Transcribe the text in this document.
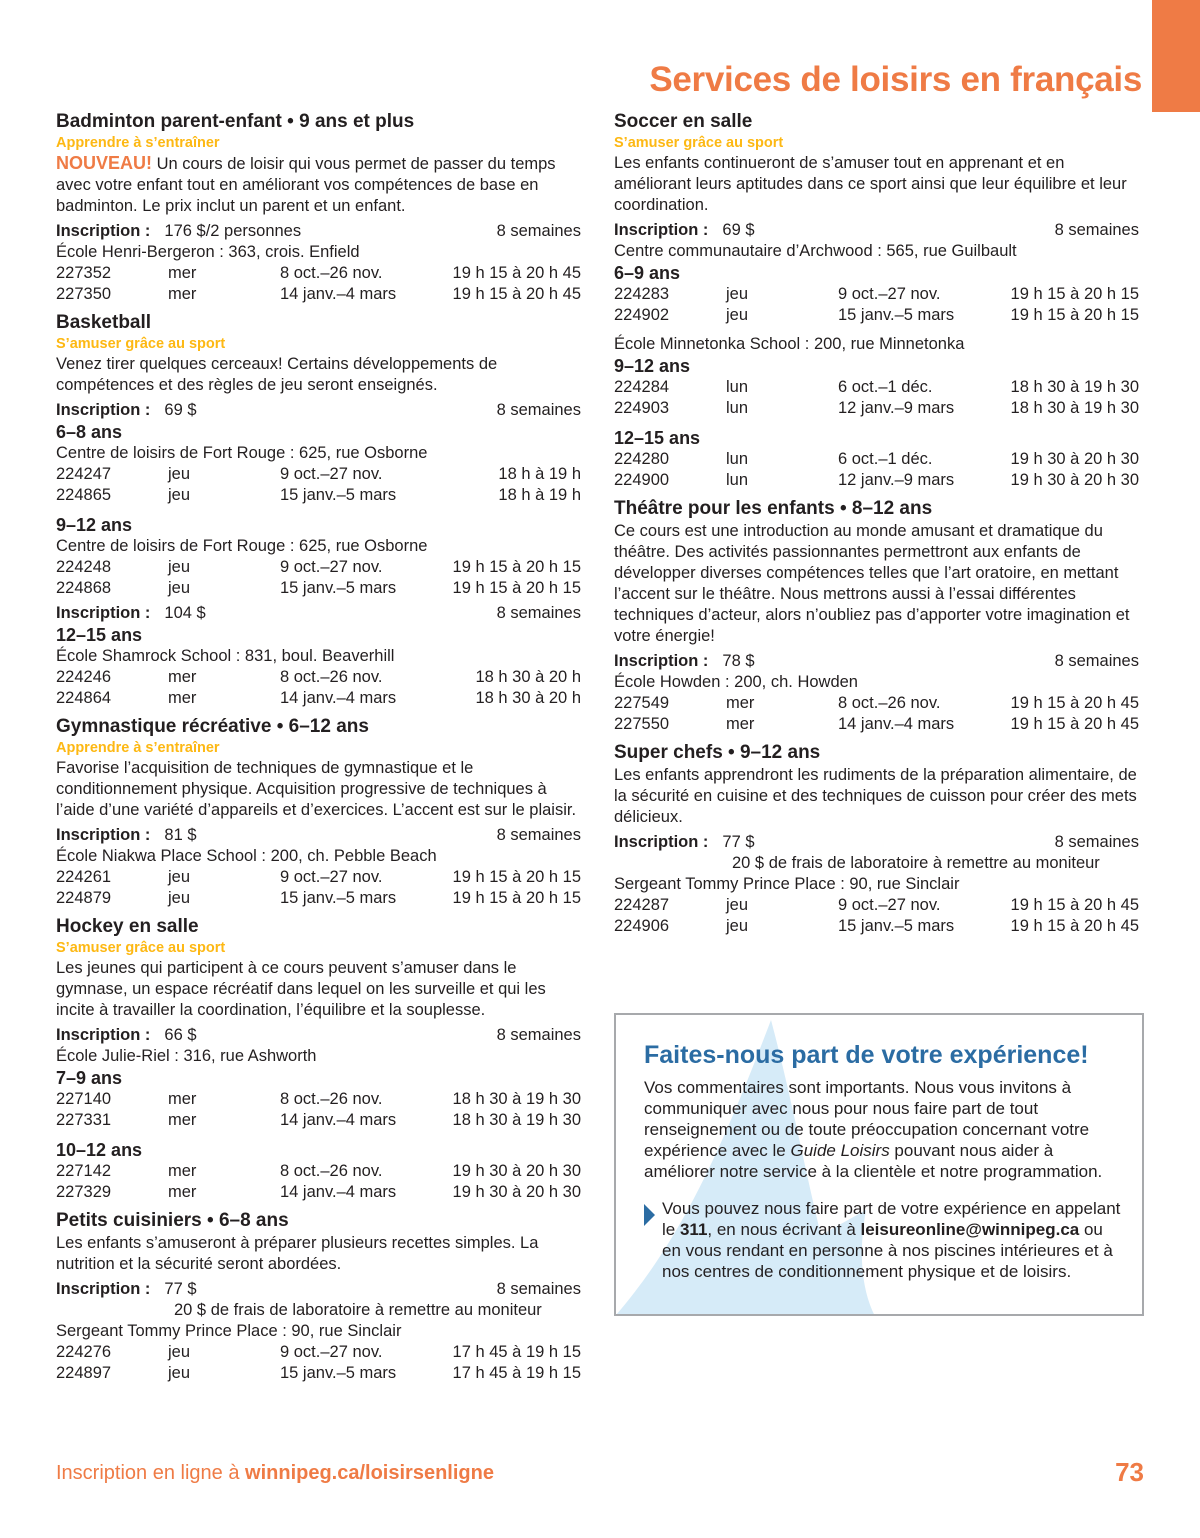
Services de loisirs en français
Badminton parent-enfant • 9 ans et plus
Apprendre à s’entraîner
NOUVEAU! Un cours de loisir qui vous permet de passer du temps avec votre enfant tout en améliorant vos compétences de base en badminton. Le prix inclut un parent et un enfant.
Inscription : 176 $/2 personnes	8 semaines
École Henri-Bergeron : 363, crois. Enfield
227352	mer	8 oct.–26 nov.	19 h 15 à 20 h 45
227350	mer	14 janv.–4 mars	19 h 15 à 20 h 45
Basketball
S’amuser grâce au sport
Venez tirer quelques cerceaux! Certains développements de compétences et des règles de jeu seront enseignés.
Inscription : 69 $	8 semaines
6–8 ans
Centre de loisirs de Fort Rouge : 625, rue Osborne
224247	jeu	9 oct.–27 nov.	18 h à 19 h
224865	jeu	15 janv.–5 mars	18 h à 19 h
9–12 ans
Centre de loisirs de Fort Rouge : 625, rue Osborne
224248	jeu	9 oct.–27 nov.	19 h 15 à 20 h 15
224868	jeu	15 janv.–5 mars	19 h 15 à 20 h 15
Inscription : 104 $	8 semaines
12–15 ans
École Shamrock School : 831, boul. Beaverhill
224246	mer	8 oct.–26 nov.	18 h 30 à 20 h
224864	mer	14 janv.–4 mars	18 h 30 à 20 h
Gymnastique récréative • 6–12 ans
Apprendre à s’entraîner
Favorise l’acquisition de techniques de gymnastique et le conditionnement physique. Acquisition progressive de techniques à l’aide d’une variété d’appareils et d’exercices. L’accent est sur le plaisir.
Inscription : 81 $	8 semaines
École Niakwa Place School : 200, ch. Pebble Beach
224261	jeu	9 oct.–27 nov.	19 h 15 à 20 h 15
224879	jeu	15 janv.–5 mars	19 h 15 à 20 h 15
Hockey en salle
S’amuser grâce au sport
Les jeunes qui participent à ce cours peuvent s’amuser dans le gymnase, un espace récréatif dans lequel on les surveille et qui les incite à travailler la coordination, l’équilibre et la souplesse.
Inscription : 66 $	8 semaines
École Julie-Riel : 316, rue Ashworth
7–9 ans
227140	mer	8 oct.–26 nov.	18 h 30 à 19 h 30
227331	mer	14 janv.–4 mars	18 h 30 à 19 h 30
10–12 ans
227142	mer	8 oct.–26 nov.	19 h 30 à 20 h 30
227329	mer	14 janv.–4 mars	19 h 30 à 20 h 30
Petits cuisiniers • 6–8 ans
Les enfants s’amuseront à préparer plusieurs recettes simples. La nutrition et la sécurité seront abordées.
Inscription : 77 $	8 semaines
20 $ de frais de laboratoire à remettre au moniteur
Sergeant Tommy Prince Place : 90, rue Sinclair
224276	jeu	9 oct.–27 nov.	17 h 45 à 19 h 15
224897	jeu	15 janv.–5 mars	17 h 45 à 19 h 15
Soccer en salle
S’amuser grâce au sport
Les enfants continueront de s’amuser tout en apprenant et en améliorant leurs aptitudes dans ce sport ainsi que leur équilibre et leur coordination.
Inscription : 69 $	8 semaines
Centre communautaire d’Archwood : 565, rue Guilbault
6–9 ans
224283	jeu	9 oct.–27 nov.	19 h 15 à 20 h 15
224902	jeu	15 janv.–5 mars	19 h 15 à 20 h 15
École Minnetonka School : 200, rue Minnetonka
9–12 ans
224284	lun	6 oct.–1 déc.	18 h 30 à 19 h 30
224903	lun	12 janv.–9 mars	18 h 30 à 19 h 30
12–15 ans
224280	lun	6 oct.–1 déc.	19 h 30 à 20 h 30
224900	lun	12 janv.–9 mars	19 h 30 à 20 h 30
Théâtre pour les enfants • 8–12 ans
Ce cours est une introduction au monde amusant et dramatique du théâtre. Des activités passionnantes permettront aux enfants de développer diverses compétences telles que l’art oratoire, en mettant l’accent sur le théâtre. Nous mettrons aussi à l’essai différentes techniques d’acteur, alors n’oubliez pas d’apporter votre imagination et votre énergie!
Inscription : 78 $	8 semaines
École Howden : 200, ch. Howden
227549	mer	8 oct.–26 nov.	19 h 15 à 20 h 45
227550	mer	14 janv.–4 mars	19 h 15 à 20 h 45
Super chefs • 9–12 ans
Les enfants apprendront les rudiments de la préparation alimentaire, de la sécurité en cuisine et des techniques de cuisson pour créer des mets délicieux.
Inscription : 77 $	8 semaines
20 $ de frais de laboratoire à remettre au moniteur
Sergeant Tommy Prince Place : 90, rue Sinclair
224287	jeu	9 oct.–27 nov.	19 h 15 à 20 h 45
224906	jeu	15 janv.–5 mars	19 h 15 à 20 h 45
Faites-nous part de votre expérience!
Vos commentaires sont importants. Nous vous invitons à communiquer avec nous pour nous faire part de tout renseignement ou de toute préoccupation concernant votre expérience avec le Guide Loisirs pouvant nous aider à améliorer notre service à la clientèle et notre programmation.
Vous pouvez nous faire part de votre expérience en appelant le 311, en nous écrivant à leisureonline@winnipeg.ca ou en vous rendant en personne à nos piscines intérieures et à nos centres de conditionnement physique et de loisirs.
Inscription en ligne à winnipeg.ca/loisirsenligne	73
